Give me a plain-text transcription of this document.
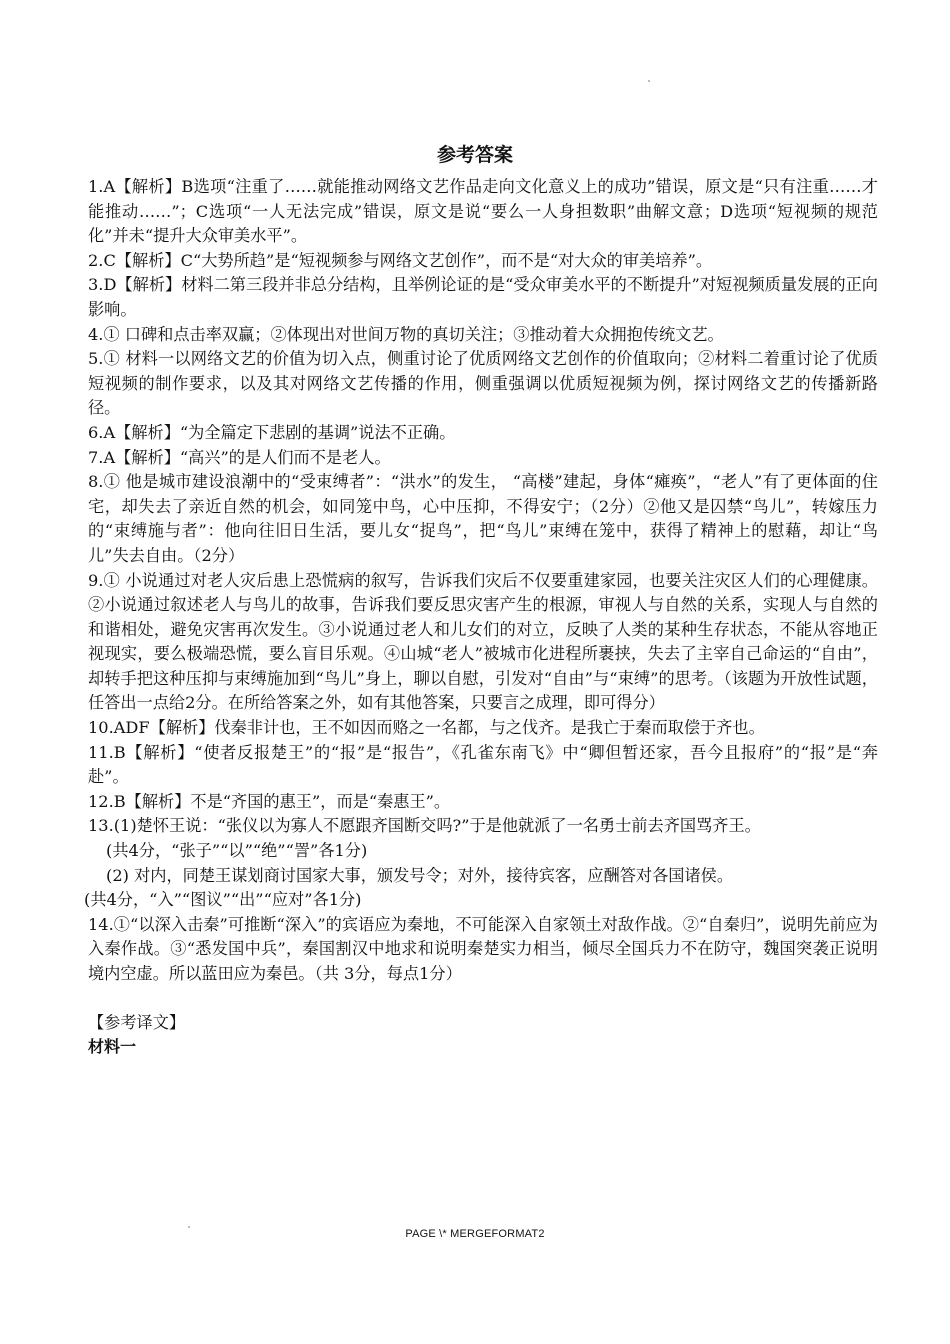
参考答案

1.A【解析】B选项“注重了……就能推动网络文艺作品走向文化意义上的成功”错误，原文是“只有注重……才能推动……”；C选项“一人无法完成”错误，原文是说“要么一人身担数职”曲解文意；D选项“短视频的规范化”并未“提升大众审美水平”。

2.C【解析】C“大势所趋”是“短视频参与网络文艺创作”，而不是“对大众的审美培养”。

3.D【解析】材料二第三段并非总分结构，且举例论证的是“受众审美水平的不断提升”对短视频质量发展的正向影响。

4.① 口碑和点击率双赢；②体现出对世间万物的真切关注；③推动着大众拥抱传统文艺。

5.① 材料一以网络文艺的价值为切入点，侧重讨论了优质网络文艺创作的价值取向；②材料二着重讨论了优质短视频的制作要求，以及其对网络文艺传播的作用，侧重强调以优质短视频为例，探讨网络文艺的传播新路径。

6.A【解析】“为全篇定下悲剧的基调”说法不正确。

7.A【解析】“高兴”的是人们而不是老人。

8.① 他是城市建设浪潮中的“受束缚者”：“洪水”的发生， “高楼”建起，身体“瘫痪”，“老人”有了更体面的住宅，却失去了亲近自然的机会，如同笼中鸟，心中压抑，不得安宁；（2分）②他又是囚禁“鸟儿”，转嫁压力的“束缚施与者”：他向往旧日生活，要儿女“捉鸟”，把“鸟儿”束缚在笼中，获得了精神上的慰藉，却让“鸟儿”失去自由。（2分）

9.① 小说通过对老人灾后患上恐慌病的叙写，告诉我们灾后不仅要重建家园，也要关注灾区人们的心理健康。②小说通过叙述老人与鸟儿的故事，告诉我们要反思灾害产生的根源，审视人与自然的关系，实现人与自然的和谐相处，避免灾害再次发生。③小说通过老人和儿女们的对立，反映了人类的某种生存状态，不能从容地正视现实，要么极端恐慌，要么盲目乐观。④山城“老人”被城市化进程所裹挟，失去了主宰自己命运的“自由”，却转手把这种压抑与束缚施加到“鸟儿”身上，聊以自慰，引发对“自由”与“束缚”的思考。（该题为开放性试题，任答出一点给2分。在所给答案之外，如有其他答案，只要言之成理，即可得分）

10.ADF【解析】伐秦非计也，王不如因而赂之一名都，与之伐齐。是我亡于秦而取偿于齐也。

11.B【解析】“使者反报楚王”的“报”是“报告”，《孔雀东南飞》中“卿但暂还家，吾今且报府”的“报”是“奔赴”。

12.B【解析】不是“齐国的惠王”，而是“秦惠王”。

13.(1)楚怀王说：“张仪以为寡人不愿跟齐国断交吗?”于是他就派了一名勇士前去齐国骂齐王。

(共4分，“张子”“以”“绝”“詈”各1分)

(2) 对内，同楚王谋划商讨国家大事，颁发号令；对外，接待宾客，应酬答对各国诸侯。

(共4分，“入”“图议”“出”“应对”各1分)

14.①“以深入击秦”可推断“深入”的宾语应为秦地，不可能深入自家领土对敌作战。②“自秦归”，说明先前应为入秦作战。③“悉发国中兵”，秦国割汉中地求和说明秦楚实力相当，倾尽全国兵力不在防守，魏国突袭正说明境内空虚。所以蓝田应为秦邑。（共 3分，每点1分）

【参考译文】

材料一

PAGE \* MERGEFORMAT2
